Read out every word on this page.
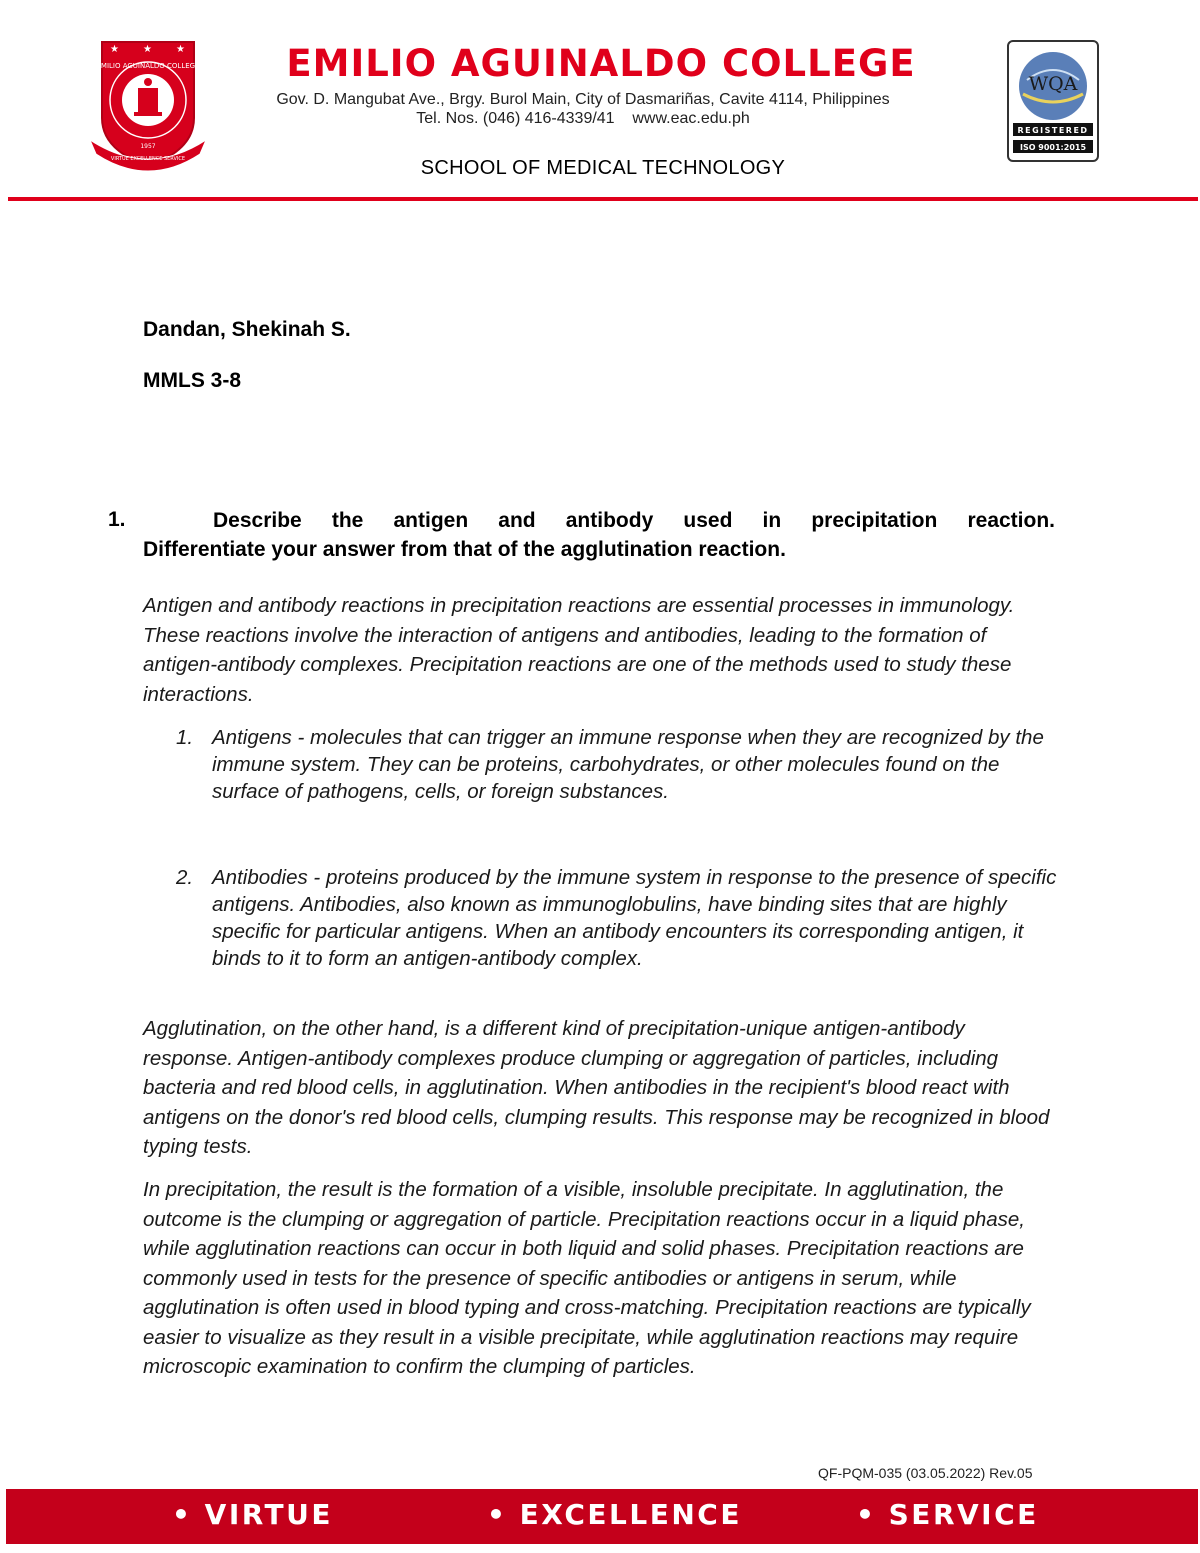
★ ★ ★
EMILIO AGUINALDO COLLEGE
VIRTUE EXCELLENCE SERVICE
1957
EMILIO AGUINALDO COLLEGE
Gov. D. Mangubat Ave., Brgy. Burol Main, City of Dasmariñas, Cavite 4114, Philippines
Tel. Nos. (046) 416-4339/41    www.eac.edu.ph
SCHOOL OF MEDICAL TECHNOLOGY
WQA
REGISTERED
ISO 9001:2015
Dandan, Shekinah S.
MMLS 3-8
1.	Describe the antigen and antibody used in precipitation reaction.
Differentiate your answer from that of the agglutination reaction.
Antigen and antibody reactions in precipitation reactions are essential processes in immunology. These reactions involve the interaction of antigens and antibodies, leading to the formation of antigen-antibody complexes. Precipitation reactions are one of the methods used to study these interactions.
1. Antigens - molecules that can trigger an immune response when they are recognized by the immune system. They can be proteins, carbohydrates, or other molecules found on the surface of pathogens, cells, or foreign substances.
2. Antibodies - proteins produced by the immune system in response to the presence of specific antigens. Antibodies, also known as immunoglobulins, have binding sites that are highly specific for particular antigens. When an antibody encounters its corresponding antigen, it binds to it to form an antigen-antibody complex.
Agglutination, on the other hand, is a different kind of precipitation-unique antigen-antibody response. Antigen-antibody complexes produce clumping or aggregation of particles, including bacteria and red blood cells, in agglutination. When antibodies in the recipient's blood react with antigens on the donor's red blood cells, clumping results. This response may be recognized in blood typing tests.
In precipitation, the result is the formation of a visible, insoluble precipitate. In agglutination, the outcome is the clumping or aggregation of particle. Precipitation reactions occur in a liquid phase, while agglutination reactions can occur in both liquid and solid phases. Precipitation reactions are commonly used in tests for the presence of specific antibodies or antigens in serum, while agglutination is often used in blood typing and cross-matching. Precipitation reactions are typically easier to visualize as they result in a visible precipitate, while agglutination reactions may require microscopic examination to confirm the clumping of particles.
QF-PQM-035 (03.05.2022) Rev.05
• VIRTUE	• EXCELLENCE	• SERVICE
